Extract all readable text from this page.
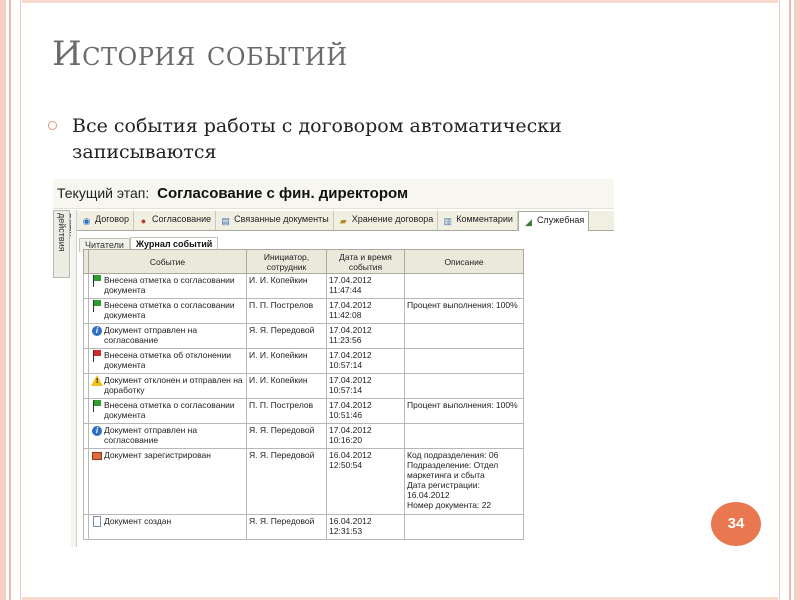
История событий
Все события работы с договором автоматически записываются
Текущий этап: Согласование с фин. директором
действия	◉ Договор ● Согласование ▤ Связанные документы ▰ Хранение договора ▥ Комментарии ◢ Служебная
Читатели Журнал событий
	Событие	Инициатор, сотрудник	Дата и время события	Описание

	Внесена отметка о согласовании документа	И. И. Копейкин	17.04.2012 11:47:44	

	Внесена отметка о согласовании документа	П. П. Пострелов	17.04.2012 11:42:08	Процент выполнения: 100%

	i Документ отправлен на согласование	Я. Я. Передовой	17.04.2012 11:23:56	

	Внесена отметка об отклонении документа	И. И. Копейкин	17.04.2012 10:57:14	

	! Документ отклонен и отправлен на доработку	И. И. Копейкин	17.04.2012 10:57:14	

	Внесена отметка о согласовании документа	П. П. Пострелов	17.04.2012 10:51:46	Процент выполнения: 100%

	i Документ отправлен на согласование	Я. Я. Передовой	17.04.2012 10:16:20	

	Документ зарегистрирован	Я. Я. Передовой	16.04.2012 12:50:54	Код подразделения: 06
Подразделение: Отдел маркетинга и сбыта
Дата регистрации: 16.04.2012
Номер документа: 22

	Документ создан	Я. Я. Передовой	16.04.2012 12:31:53		34
